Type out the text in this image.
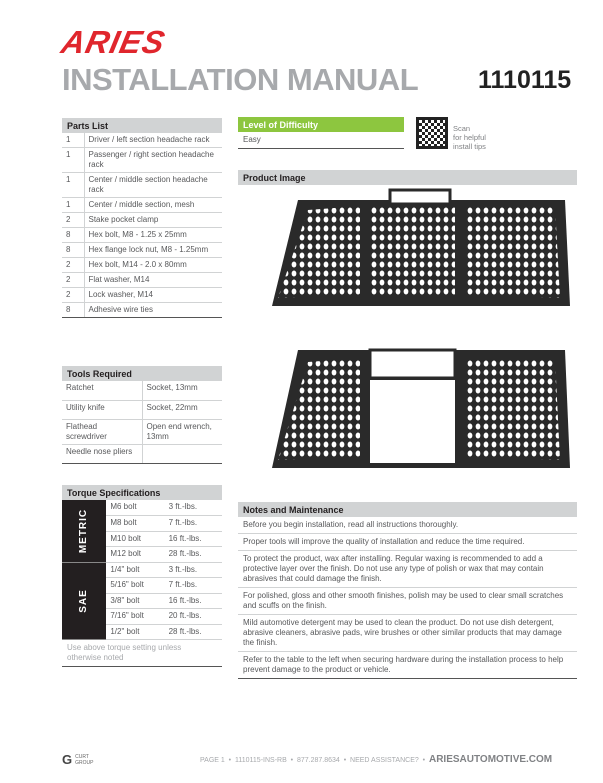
ARIES
INSTALLATION MANUAL 1110115
Parts List
1	Driver / left section headache rack
1	Passenger / right section headache rack
1	Center / middle section headache rack
1	Center / middle section, mesh
2	Stake pocket clamp
8	Hex bolt, M8 - 1.25 x 25mm
8	Hex flange lock nut, M8 - 1.25mm
2	Hex bolt, M14 - 2.0 x 80mm
2	Flat washer, M14
2	Lock washer, M14
8	Adhesive wire ties
Tools Required
Ratchet	Socket, 13mm
Utility knife	Socket, 22mm
Flathead screwdriver	Open end wrench, 13mm
Needle nose pliers	
Torque Specifications
METRIC	M6 bolt	3 ft.-lbs.
	M8 bolt	7 ft.-lbs.
	M10 bolt	16 ft.-lbs.
	M12 bolt	28 ft.-lbs.
SAE	1/4" bolt	3 ft.-lbs.
	5/16" bolt	7 ft.-lbs.
	3/8" bolt	16 ft.-lbs.
	7/16" bolt	20 ft.-lbs.
	1/2" bolt	28 ft.-lbs.
Use above torque setting unless otherwise noted
Level of Difficulty
Easy
Scan
for helpful
install tips
Product Image
Notes and Maintenance
Before you begin installation, read all instructions thoroughly.
Proper tools will improve the quality of installation and reduce the time required.
To protect the product, wax after installing. Regular waxing is recommended to add a protective layer over the finish. Do not use any type of polish or wax that may contain abrasives that could damage the finish.
For polished, gloss and other smooth finishes, polish may be used to clear small scratches and scuffs on the finish.
Mild automotive detergent may be used to clean the product. Do not use dish detergent, abrasive cleaners, abrasive pads, wire brushes or other similar products that may damage the finish.
Refer to the table to the left when securing hardware during the installation process to help prevent damage to the product or vehicle.
G CURT
GROUP	PAGE 1  •  1110115-INS-RB  •  877.287.8634  •  NEED ASSISTANCE?  •  ARIESAUTOMOTIVE.COM
